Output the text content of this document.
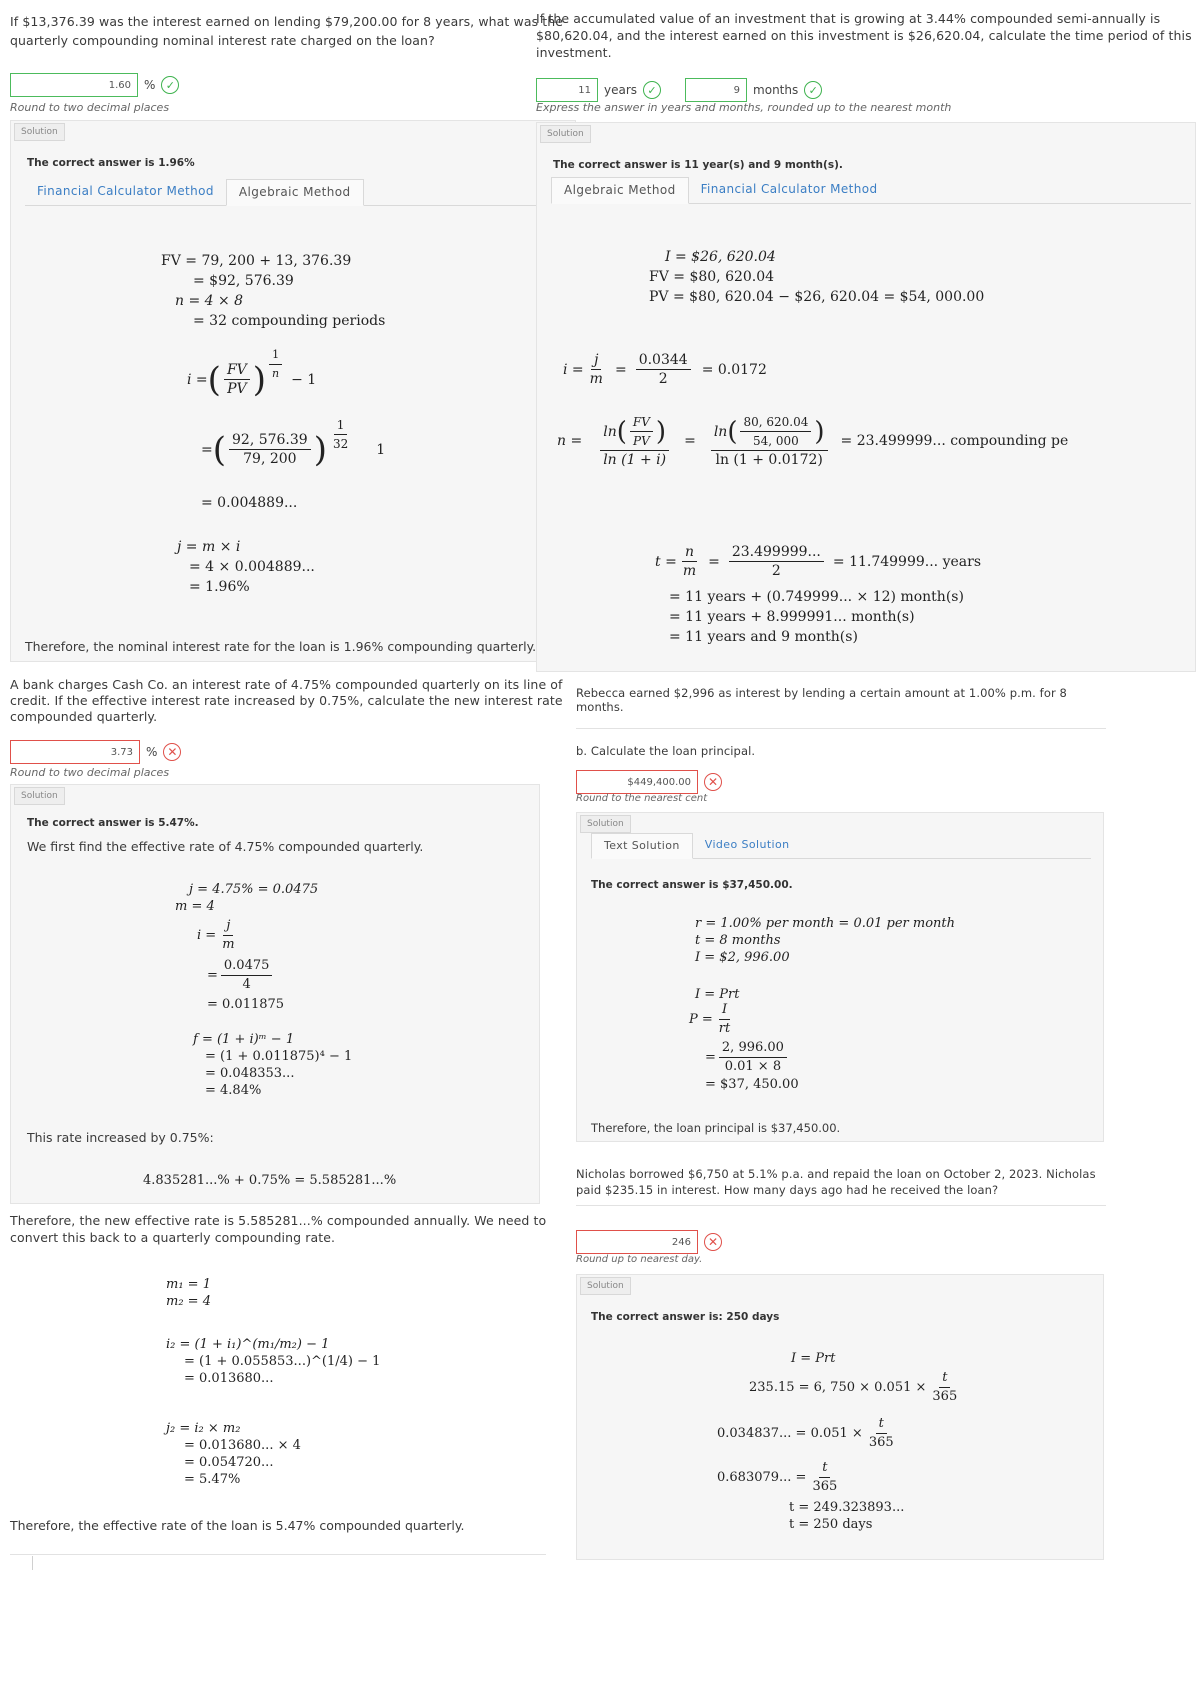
If $13,376.39 was the interest earned on lending $79,200.00 for 8 years, what was the quarterly compounding nominal interest rate charged on the loan?
1.60	% ✓
Round to two decimal places
Solution
The correct answer is 1.96%
Financial Calculator Method	Algebraic Method
FV = 79, 200 + 13, 376.39
= $92, 576.39
n = 4 × 8
= 32 compounding periods
i = ( $\frac{FV}{PV}$ ) $\frac{1}{n} - 1$
= ( $\frac{92, 576.39}{79, 200}$ ) $\frac{1}{32} 1$
= 0.004889...
j = m × i
= 4 × 0.004889...
= 1.96%
Therefore, the nominal interest rate for the loan is 1.96% compounding quarterly.
A bank charges Cash Co. an interest rate of 4.75% compounded quarterly on its line of credit. If the effective interest rate increased by 0.75%, calculate the new interest rate compounded quarterly.
3.73	% ✕
Round to two decimal places
Solution
The correct answer is 5.47%.
We first find the effective rate of 4.75% compounded quarterly.
j = 4.75% = 0.0475
m = 4
$i = \frac{j}{m}$
= $\frac{0.0475}{4}$
= 0.011875
f = (1 + i)ᵐ − 1
= (1 + 0.011875)⁴ − 1
= 0.048353...
= 4.84%
This rate increased by 0.75%:
4.835281...% + 0.75% = 5.585281...%
Therefore, the new effective rate is 5.585281...% compounded annually. We need to convert this back to a quarterly compounding rate.
m₁ = 1
m₂ = 4
i₂ = (1 + i₁)^(m₁/m₂) − 1
= (1 + 0.055853...)^(1/4) − 1
= 0.013680...
j₂ = i₂ × m₂
= 0.013680... × 4
= 0.054720...
= 5.47%
Therefore, the effective rate of the loan is 5.47% compounded quarterly.
If the accumulated value of an investment that is growing at 3.44% compounded semi-annually is $80,620.04, and the interest earned on this investment is $26,620.04, calculate the time period of this investment.
11	years ✓	9	months ✓
Express the answer in years and months, rounded up to the nearest month
Solution
The correct answer is 11 year(s) and 9 month(s).
Algebraic Method	Financial Calculator Method
I = $26, 620.04
FV = $80, 620.04
PV = $80, 620.04 − $26, 620.04 = $54, 000.00
$i = \frac{j}{m} = \frac{0.0344}{2} = 0.0172$
$n = \frac{\ln ( \frac{FV}{PV} )}{\ln (1 + i)} = \frac{\ln ( \frac{80, 620.04}{54, 000} )}{\ln (1 + 0.0172)} = 23.499999$... compounding pe
$t = \frac{n}{m} = \frac{23.499999...}{2} = 11.749999$... years
= 11 years + (0.749999... × 12) month(s)
= 11 years + 8.999991... month(s)
= 11 years and 9 month(s)
Rebecca earned $2,996 as interest by lending a certain amount at 1.00% p.m. for 8 months.
b. Calculate the loan principal.
$449,400.00	✕
Round to the nearest cent
Solution
Text Solution	Video Solution
The correct answer is $37,450.00.
r = 1.00% per month = 0.01 per month
t = 8 months
I = $2, 996.00
I = Prt
$P = \frac{I}{rt}$
= $\frac{2, 996.00}{0.01 \times 8}$
= $37, 450.00
Therefore, the loan principal is $37,450.00.
Nicholas borrowed $6,750 at 5.1% p.a. and repaid the loan on October 2, 2023. Nicholas paid $235.15 in interest. How many days ago had he received the loan?
246	✕
Round up to nearest day.
Solution
The correct answer is: 250 days
I = Prt
235.15 = 6, $750 \times 0.051 \times \frac{t}{365}$
0.034837... = $0.051 \times \frac{t}{365}$
0.683079... = $\frac{t}{365}$
t = 249.323893...
t = 250 days
